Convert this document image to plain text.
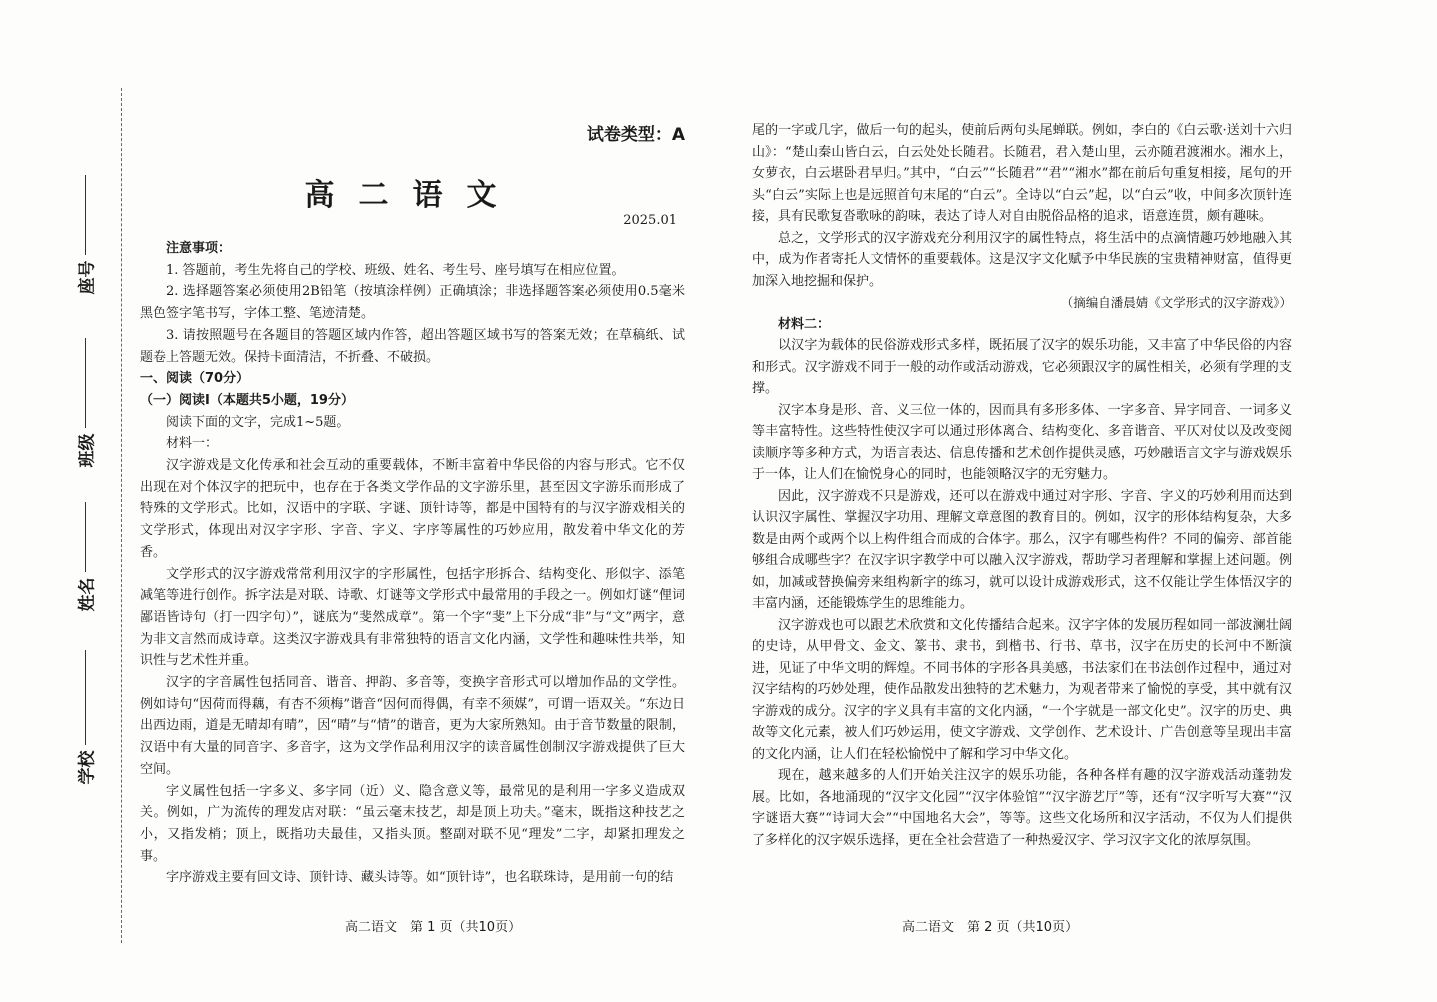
座号
班级
姓名
学校
试卷类型：A
高二语文
2025.01

注意事项：

1. 答题前，考生先将自己的学校、班级、姓名、考生号、座号填写在相应位置。

2. 选择题答案必须使用2B铅笔（按填涂样例）正确填涂；非选择题答案必须使用0.5毫米黑色签字笔书写，字体工整、笔迹清楚。

3. 请按照题号在各题目的答题区域内作答，超出答题区域书写的答案无效；在草稿纸、试题卷上答题无效。保持卡面清洁，不折叠、不破损。

一、阅读（70分）

（一）阅读Ⅰ（本题共5小题，19分）

阅读下面的文字，完成1~5题。

材料一：

汉字游戏是文化传承和社会互动的重要载体，不断丰富着中华民俗的内容与形式。它不仅出现在对个体汉字的把玩中，也存在于各类文学作品的文字游乐里，甚至因文字游乐而形成了特殊的文学形式。比如，汉语中的字联、字谜、顶针诗等，都是中国特有的与汉字游戏相关的文学形式，体现出对汉字字形、字音、字义、字序等属性的巧妙应用，散发着中华文化的芳香。

文学形式的汉字游戏常常利用汉字的字形属性，包括字形拆合、结构变化、形似字、添笔减笔等进行创作。拆字法是对联、诗歌、灯谜等文学形式中最常用的手段之一。例如灯谜“俚词鄙语皆诗句（打一四字句）”，谜底为“斐然成章”。第一个字“斐”上下分成“非”与“文”两字，意为非文言然而成诗章。这类汉字游戏具有非常独特的语言文化内涵，文学性和趣味性共举，知识性与艺术性并重。

汉字的字音属性包括同音、谐音、押韵、多音等，变换字音形式可以增加作品的文学性。例如诗句“因荷而得藕，有杏不须梅”谐音“因何而得偶，有幸不须媒”，可谓一语双关。“东边日出西边雨，道是无晴却有晴”，因“晴”与“情”的谐音，更为大家所熟知。由于音节数量的限制，汉语中有大量的同音字、多音字，这为文学作品利用汉字的读音属性创制汉字游戏提供了巨大空间。

字义属性包括一字多义、多字同（近）义、隐含意义等，最常见的是利用一字多义造成双关。例如，广为流传的理发店对联：“虽云毫末技艺，却是顶上功夫。”毫末，既指这种技艺之小，又指发梢；顶上，既指功夫最佳，又指头顶。整副对联不见“理发”二字，却紧扣理发之事。

字序游戏主要有回文诗、顶针诗、藏头诗等。如“顶针诗”，也名联珠诗，是用前一句的结

高二语文　第 1 页（共10页）

尾的一字或几字，做后一句的起头，使前后两句头尾蝉联。例如，李白的《白云歌·送刘十六归山》：“楚山秦山皆白云，白云处处长随君。长随君，君入楚山里，云亦随君渡湘水。湘水上，女萝衣，白云堪卧君早归。”其中，“白云”“长随君”“君”“湘水”都在前后句重复相接，尾句的开头“白云”实际上也是远照首句末尾的“白云”。全诗以“白云”起，以“白云”收，中间多次顶针连接，具有民歌复沓歌咏的韵味，表达了诗人对自由脱俗品格的追求，语意连贯，颇有趣味。

总之，文学形式的汉字游戏充分利用汉字的属性特点，将生活中的点滴情趣巧妙地融入其中，成为作者寄托人文情怀的重要载体。这是汉字文化赋予中华民族的宝贵精神财富，值得更加深入地挖掘和保护。

（摘编自潘晨婧《文学形式的汉字游戏》）

材料二：

以汉字为载体的民俗游戏形式多样，既拓展了汉字的娱乐功能，又丰富了中华民俗的内容和形式。汉字游戏不同于一般的动作或活动游戏，它必须跟汉字的属性相关，必须有学理的支撑。

汉字本身是形、音、义三位一体的，因而具有多形多体、一字多音、异字同音、一词多义等丰富特性。这些特性使汉字可以通过形体离合、结构变化、多音谐音、平仄对仗以及改变阅读顺序等多种方式，为语言表达、信息传播和艺术创作提供灵感，巧妙融语言文字与游戏娱乐于一体，让人们在愉悦身心的同时，也能领略汉字的无穷魅力。

因此，汉字游戏不只是游戏，还可以在游戏中通过对字形、字音、字义的巧妙利用而达到认识汉字属性、掌握汉字功用、理解文章意图的教育目的。例如，汉字的形体结构复杂，大多数是由两个或两个以上构件组合而成的合体字。那么，汉字有哪些构件？不同的偏旁、部首能够组合成哪些字？在汉字识字教学中可以融入汉字游戏，帮助学习者理解和掌握上述问题。例如，加减或替换偏旁来组构新字的练习，就可以设计成游戏形式，这不仅能让学生体悟汉字的丰富内涵，还能锻炼学生的思维能力。

汉字游戏也可以跟艺术欣赏和文化传播结合起来。汉字字体的发展历程如同一部波澜壮阔的史诗，从甲骨文、金文、篆书、隶书，到楷书、行书、草书，汉字在历史的长河中不断演进，见证了中华文明的辉煌。不同书体的字形各具美感，书法家们在书法创作过程中，通过对汉字结构的巧妙处理，使作品散发出独特的艺术魅力，为观者带来了愉悦的享受，其中就有汉字游戏的成分。汉字的字义具有丰富的文化内涵，“一个字就是一部文化史”。汉字的历史、典故等文化元素，被人们巧妙运用，使文字游戏、文学创作、艺术设计、广告创意等呈现出丰富的文化内涵，让人们在轻松愉悦中了解和学习中华文化。

现在，越来越多的人们开始关注汉字的娱乐功能，各种各样有趣的汉字游戏活动蓬勃发展。比如，各地涌现的“汉字文化园”“汉字体验馆”“汉字游艺厅”等，还有“汉字听写大赛”“汉字谜语大赛”“诗词大会”“中国地名大会”，等等。这些文化场所和汉字活动，不仅为人们提供了多样化的汉字娱乐选择，更在全社会营造了一种热爱汉字、学习汉字文化的浓厚氛围。

高二语文　第 2 页（共10页）
